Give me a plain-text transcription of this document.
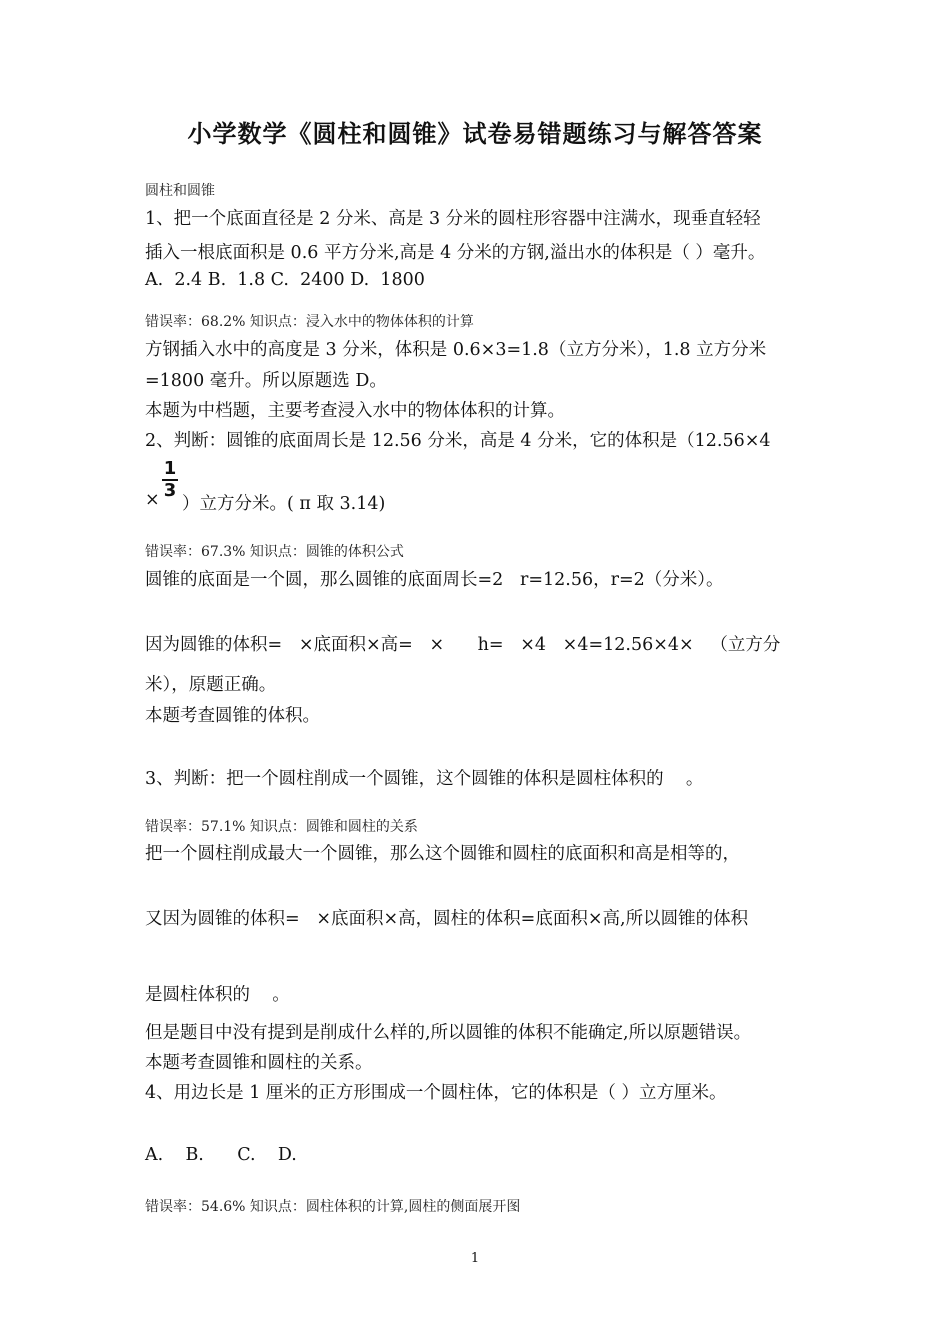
小学数学《圆柱和圆锥》试卷易错题练习与解答答案
圆柱和圆锥
1、把一个底面直径是 2 分米、高是 3 分米的圆柱形容器中注满水，现垂直轻轻
插入一根底面积是 0.6 平方分米,高是 4 分米的方钢,溢出水的体积是（ ）毫升。
A.  2.4 B.  1.8 C.  2400 D.  1800
错误率：68.2% 知识点：浸入水中的物体体积的计算
方钢插入水中的高度是 3 分米，体积是 0.6×3=1.8（立方分米），1.8 立方分米
=1800 毫升。所以原题选 D。
本题为中档题，主要考查浸入水中的物体体积的计算。
2、判断：圆锥的底面周长是 12.56 分米，高是 4 分米，它的体积是（12.56×4
1
3
× ）立方分米。( π 取 3.14)
错误率：67.3% 知识点：圆锥的体积公式
圆锥的底面是一个圆，那么圆锥的底面周长=2   r=12.56，r=2（分米）。
因为圆锥的体积=   ×底面积×高=   ×      h=   ×4   ×4=12.56×4×   （立方分
米），原题正确。
本题考查圆锥的体积。
3、判断：把一个圆柱削成一个圆锥，这个圆锥的体积是圆柱体积的    。
错误率：57.1% 知识点：圆锥和圆柱的关系
把一个圆柱削成最大一个圆锥，那么这个圆锥和圆柱的底面积和高是相等的，
又因为圆锥的体积=   ×底面积×高，圆柱的体积=底面积×高,所以圆锥的体积
是圆柱体积的    。
但是题目中没有提到是削成什么样的,所以圆锥的体积不能确定,所以原题错误。
本题考查圆锥和圆柱的关系。
4、用边长是 1 厘米的正方形围成一个圆柱体，它的体积是（ ）立方厘米。
A.    B.      C.    D.
错误率：54.6% 知识点：圆柱体积的计算,圆柱的侧面展开图
1
